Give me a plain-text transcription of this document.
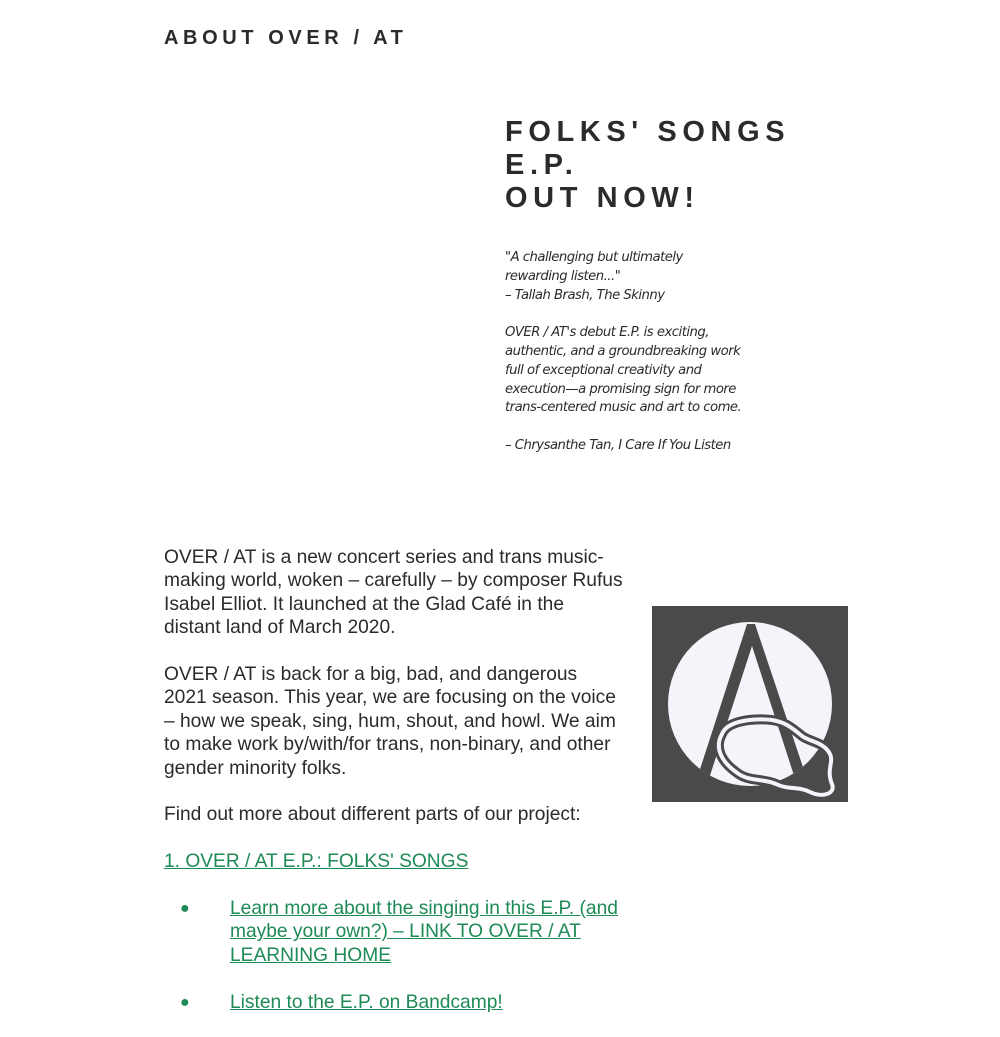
ABOUT OVER / AT
FOLKS' SONGS
E.P.
OUT NOW!

"A challenging but ultimately

rewarding listen..."

– Tallah Brash, The Skinny

OVER / AT's debut E.P. is exciting, authentic, and a groundbreaking work full of exceptional creativity and execution—a promising sign for more trans-centered music and art to come.

– Chrysanthe Tan, I Care If You Listen

OVER / AT is a new concert series and trans music-making world, woken – carefully – by composer Rufus Isabel Elliot. It launched at the Glad Café in the distant land of March 2020.

OVER / AT is back for a big, bad, and dangerous 2021 season. This year, we are focusing on the voice – how we speak, sing, hum, shout, and howl. We aim to make work by/with/for trans, non-binary, and other gender minority folks.

Find out more about different parts of our project:

1. OVER / AT E.P.: FOLKS' SONGS

● Learn more about the singing in this E.P. (and maybe your own?) – LINK TO OVER / AT LEARNING HOME
● Listen to the E.P. on Bandcamp!
